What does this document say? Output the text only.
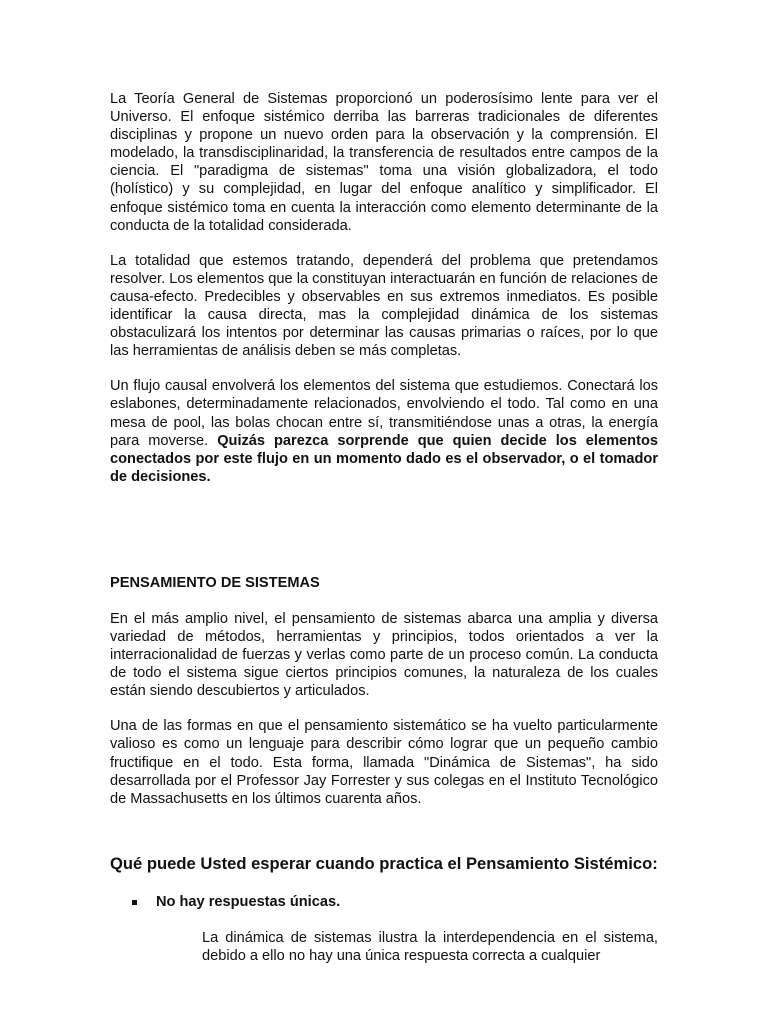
La Teoría General de Sistemas proporcionó un poderosísimo lente para ver el Universo. El enfoque sistémico derriba las barreras tradicionales de diferentes disciplinas y propone un nuevo orden para la observación y la comprensión. El modelado, la transdisciplinaridad, la transferencia de resultados entre campos de la ciencia. El "paradigma de sistemas" toma una visión globalizadora, el todo (holístico) y su complejidad, en lugar del enfoque analítico y simplificador. El enfoque sistémico toma en cuenta la interacción como elemento determinante de la conducta de la totalidad considerada.

La totalidad que estemos tratando, dependerá del problema que pretendamos resolver. Los elementos que la constituyan interactuarán en función de relaciones de causa-efecto. Predecibles y observables en sus extremos inmediatos. Es posible identificar la causa directa, mas la complejidad dinámica de los sistemas obstaculizará los intentos por determinar las causas primarias o raíces, por lo que las herramientas de análisis deben se más completas.

Un flujo causal envolverá los elementos del sistema que estudiemos. Conectará los eslabones, determinadamente relacionados, envolviendo el todo. Tal como en una mesa de pool, las bolas chocan entre sí, transmitiéndose unas a otras, la energía para moverse. Quizás parezca sorprende que quien decide los elementos conectados por este flujo en un momento dado es el observador, o el tomador de decisiones.

PENSAMIENTO DE SISTEMAS

En el más amplio nivel, el pensamiento de sistemas abarca una amplia y diversa variedad de métodos, herramientas y principios, todos orientados a ver la interracionalidad de fuerzas y verlas como parte de un proceso común. La conducta de todo el sistema sigue ciertos principios comunes, la naturaleza de los cuales están siendo descubiertos y articulados.

Una de las formas en que el pensamiento sistemático se ha vuelto particularmente valioso es como un lenguaje para describir cómo lograr que un pequeño cambio fructifique en el todo. Esta forma, llamada "Dinámica de Sistemas", ha sido desarrollada por el Professor Jay Forrester y sus colegas en el Instituto Tecnológico de Massachusetts en los últimos cuarenta años.

Qué puede Usted esperar cuando practica el Pensamiento Sistémico:
No hay respuestas únicas.

La dinámica de sistemas ilustra la interdependencia en el sistema, debido a ello no hay una única respuesta correcta a cualquier
